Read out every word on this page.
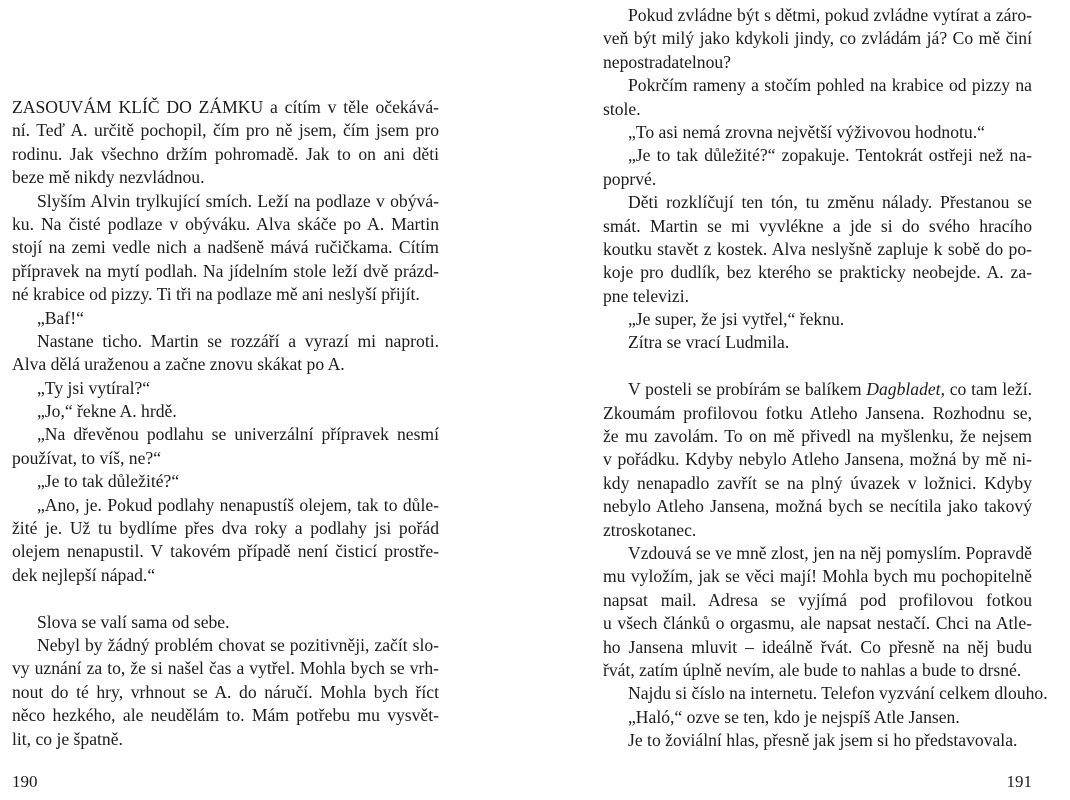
ZASOUVÁM KLÍČ DO ZÁMKU a cítím v těle očekává-
ní. Teď A. určitě pochopil, čím pro ně jsem, čím jsem pro
rodinu. Jak všechno držím pohromadě. Jak to on ani děti
beze mě nikdy nezvládnou.
Slyším Alvin trylkující smích. Leží na podlaze v obývá-
ku. Na čisté podlaze v obýváku. Alva skáče po A. Martin
stojí na zemi vedle nich a nadšeně mává ručičkama. Cítím
přípravek na mytí podlah. Na jídelním stole leží dvě prázd-
né krabice od pizzy. Ti tři na podlaze mě ani neslyší přijít.
„Baf!“
Nastane ticho. Martin se rozzáří a vyrazí mi naproti.
Alva dělá uraženou a začne znovu skákat po A.
„Ty jsi vytíral?“
„Jo,“ řekne A. hrdě.
„Na dřevěnou podlahu se univerzální přípravek nesmí
používat, to víš, ne?“
„Je to tak důležité?“
„Ano, je. Pokud podlahy nenapustíš olejem, tak to důle-
žité je. Už tu bydlíme přes dva roky a podlahy jsi pořád
olejem nenapustil. V takovém případě není čisticí prostře-
dek nejlepší nápad.“
Slova se valí sama od sebe.
Nebyl by žádný problém chovat se pozitivněji, začít slo-
vy uznání za to, že si našel čas a vytřel. Mohla bych se vrh-
nout do té hry, vrhnout se A. do náručí. Mohla bych říct
něco hezkého, ale neudělám to. Mám potřebu mu vysvět-
lit, co je špatně.
Pokud zvládne být s dětmi, pokud zvládne vytírat a záro-
veň být milý jako kdykoli jindy, co zvládám já? Co mě činí
nepostradatelnou?
Pokrčím rameny a stočím pohled na krabice od pizzy na
stole.
„To asi nemá zrovna největší výživovou hodnotu.“
„Je to tak důležité?“ zopakuje. Tentokrát ostřeji než na-
poprvé.
Děti rozklíčují ten tón, tu změnu nálady. Přestanou se
smát. Martin se mi vyvlékne a jde si do svého hracího
koutku stavět z kostek. Alva neslyšně zapluje k sobě do po-
koje pro dudlík, bez kterého se prakticky neobejde. A. za-
pne televizi.
„Je super, že jsi vytřel,“ řeknu.
Zítra se vrací Ludmila.
V posteli se probírám se balíkem Dagbladet, co tam leží.
Zkoumám profilovou fotku Atleho Jansena. Rozhodnu se,
že mu zavolám. To on mě přivedl na myšlenku, že nejsem
v pořádku. Kdyby nebylo Atleho Jansena, možná by mě ni-
kdy nenapadlo zavřít se na plný úvazek v ložnici. Kdyby
nebylo Atleho Jansena, možná bych se necítila jako takový
ztroskotanec.
Vzdouvá se ve mně zlost, jen na něj pomyslím. Popravdě
mu vyložím, jak se věci mají! Mohla bych mu pochopitelně
napsat mail. Adresa se vyjímá pod profilovou fotkou
u všech článků o orgasmu, ale napsat nestačí. Chci na Atle-
ho Jansena mluvit – ideálně řvát. Co přesně na něj budu
řvát, zatím úplně nevím, ale bude to nahlas a bude to drsné.
Najdu si číslo na internetu. Telefon vyzvání celkem dlouho.
„Haló,“ ozve se ten, kdo je nejspíš Atle Jansen.
Je to žoviální hlas, přesně jak jsem si ho představovala.
190	191
